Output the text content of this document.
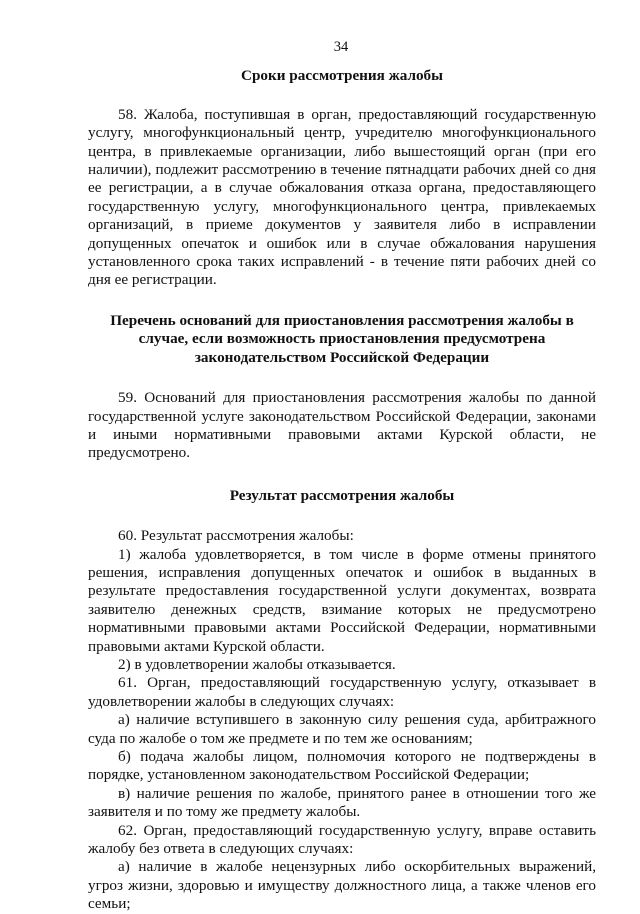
34
Сроки рассмотрения жалобы

58. Жалоба, поступившая в орган, предоставляющий государственную услугу, многофункциональный центр, учредителю многофункционального центра, в привлекаемые организации, либо вышестоящий орган (при его наличии), подлежит рассмотрению в течение пятнадцати рабочих дней со дня ее регистрации, а в случае обжалования отказа органа, предоставляющего государственную услугу, многофункционального центра, привлекаемых организаций, в приеме документов у заявителя либо в исправлении допущенных опечаток и ошибок или в случае обжалования нарушения установленного срока таких исправлений - в течение пяти рабочих дней со дня ее регистрации.

Перечень оснований для приостановления рассмотрения жалобы в случае, если возможность приостановления предусмотрена законодательством Российской Федерации

59. Оснований для приостановления рассмотрения жалобы по данной государственной услуге законодательством Российской Федерации, законами и иными нормативными правовыми актами Курской области, не предусмотрено.

Результат рассмотрения жалобы

60. Результат рассмотрения жалобы:

1) жалоба удовлетворяется, в том числе в форме отмены принятого решения, исправления допущенных опечаток и ошибок в выданных в результате предоставления государственной услуги документах, возврата заявителю денежных средств, взимание которых не предусмотрено нормативными правовыми актами Российской Федерации, нормативными правовыми актами Курской области.

2) в удовлетворении жалобы отказывается.

61. Орган, предоставляющий государственную услугу, отказывает в удовлетворении жалобы в следующих случаях:

а) наличие вступившего в законную силу решения суда, арбитражного суда по жалобе о том же предмете и по тем же основаниям;

б) подача жалобы лицом, полномочия которого не подтверждены в порядке, установленном законодательством Российской Федерации;

в) наличие решения по жалобе, принятого ранее в отношении того же заявителя и по тому же предмету жалобы.

62. Орган, предоставляющий государственную услугу, вправе оставить жалобу без ответа в следующих случаях:

а) наличие в жалобе нецензурных либо оскорбительных выражений, угроз жизни, здоровью и имуществу должностного лица, а также членов его семьи;
